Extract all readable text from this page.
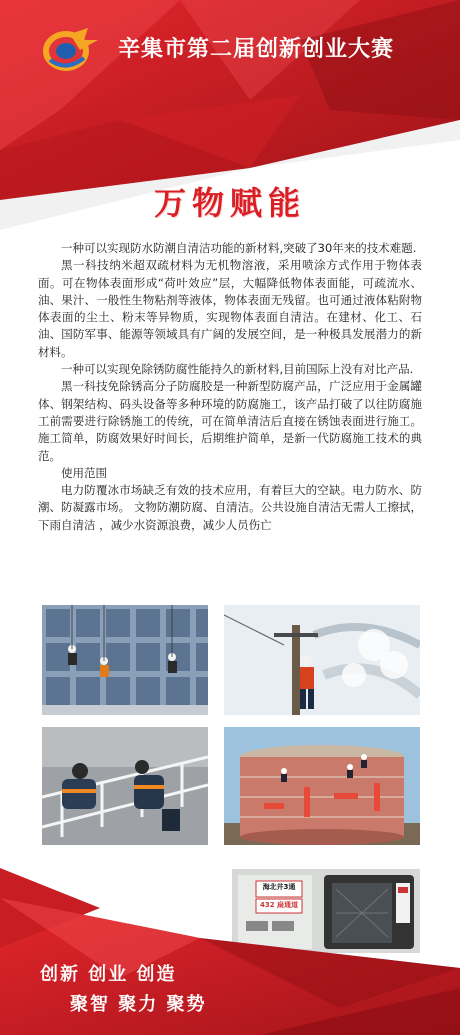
辛集市第二届创新创业大赛
万物赋能

一种可以实现防水防潮自清洁功能的新材料,突破了30年来的技术难题.

黑一科技纳米超双疏材料为无机物溶液，采用喷涂方式作用于物体表面。可在物体表面形成“荷叶效应”层，大幅降低物体表面能，可疏流水、油、果汁、一般性生物粘剂等液体，物体表面无残留。也可通过液体粘附物体表面的尘土、粉末等异物质，实现物体表面自清洁。在建材、化工、石油、国防军事、能源等领域具有广阔的发展空间，是一种极具发展潜力的新材料。

一种可以实现免除锈防腐性能持久的新材料,目前国际上没有对比产品.

黑一科技免除锈高分子防腐胶是一种新型防腐产品，广泛应用于金属罐体、钢架结构、码头设备等多种环境的防腐施工，该产品打破了以往防腐施工前需要进行除锈施工的传统，可在简单清洁后直接在锈蚀表面进行施工。施工简单，防腐效果好时间长，后期维护简单，是新一代防腐施工技术的典范。

使用范围

电力防覆冰市场缺乏有效的技术应用，有着巨大的空缺。电力防水、防潮、防凝露市场。 文物防潮防腐、自清洁。公共设施自清洁无需人工擦拭，下雨自清洁 ，减少水资源浪费，减少人员伤亡

海北井3通
432 扁通道
创新 创业 创造
聚智 聚力 聚势
